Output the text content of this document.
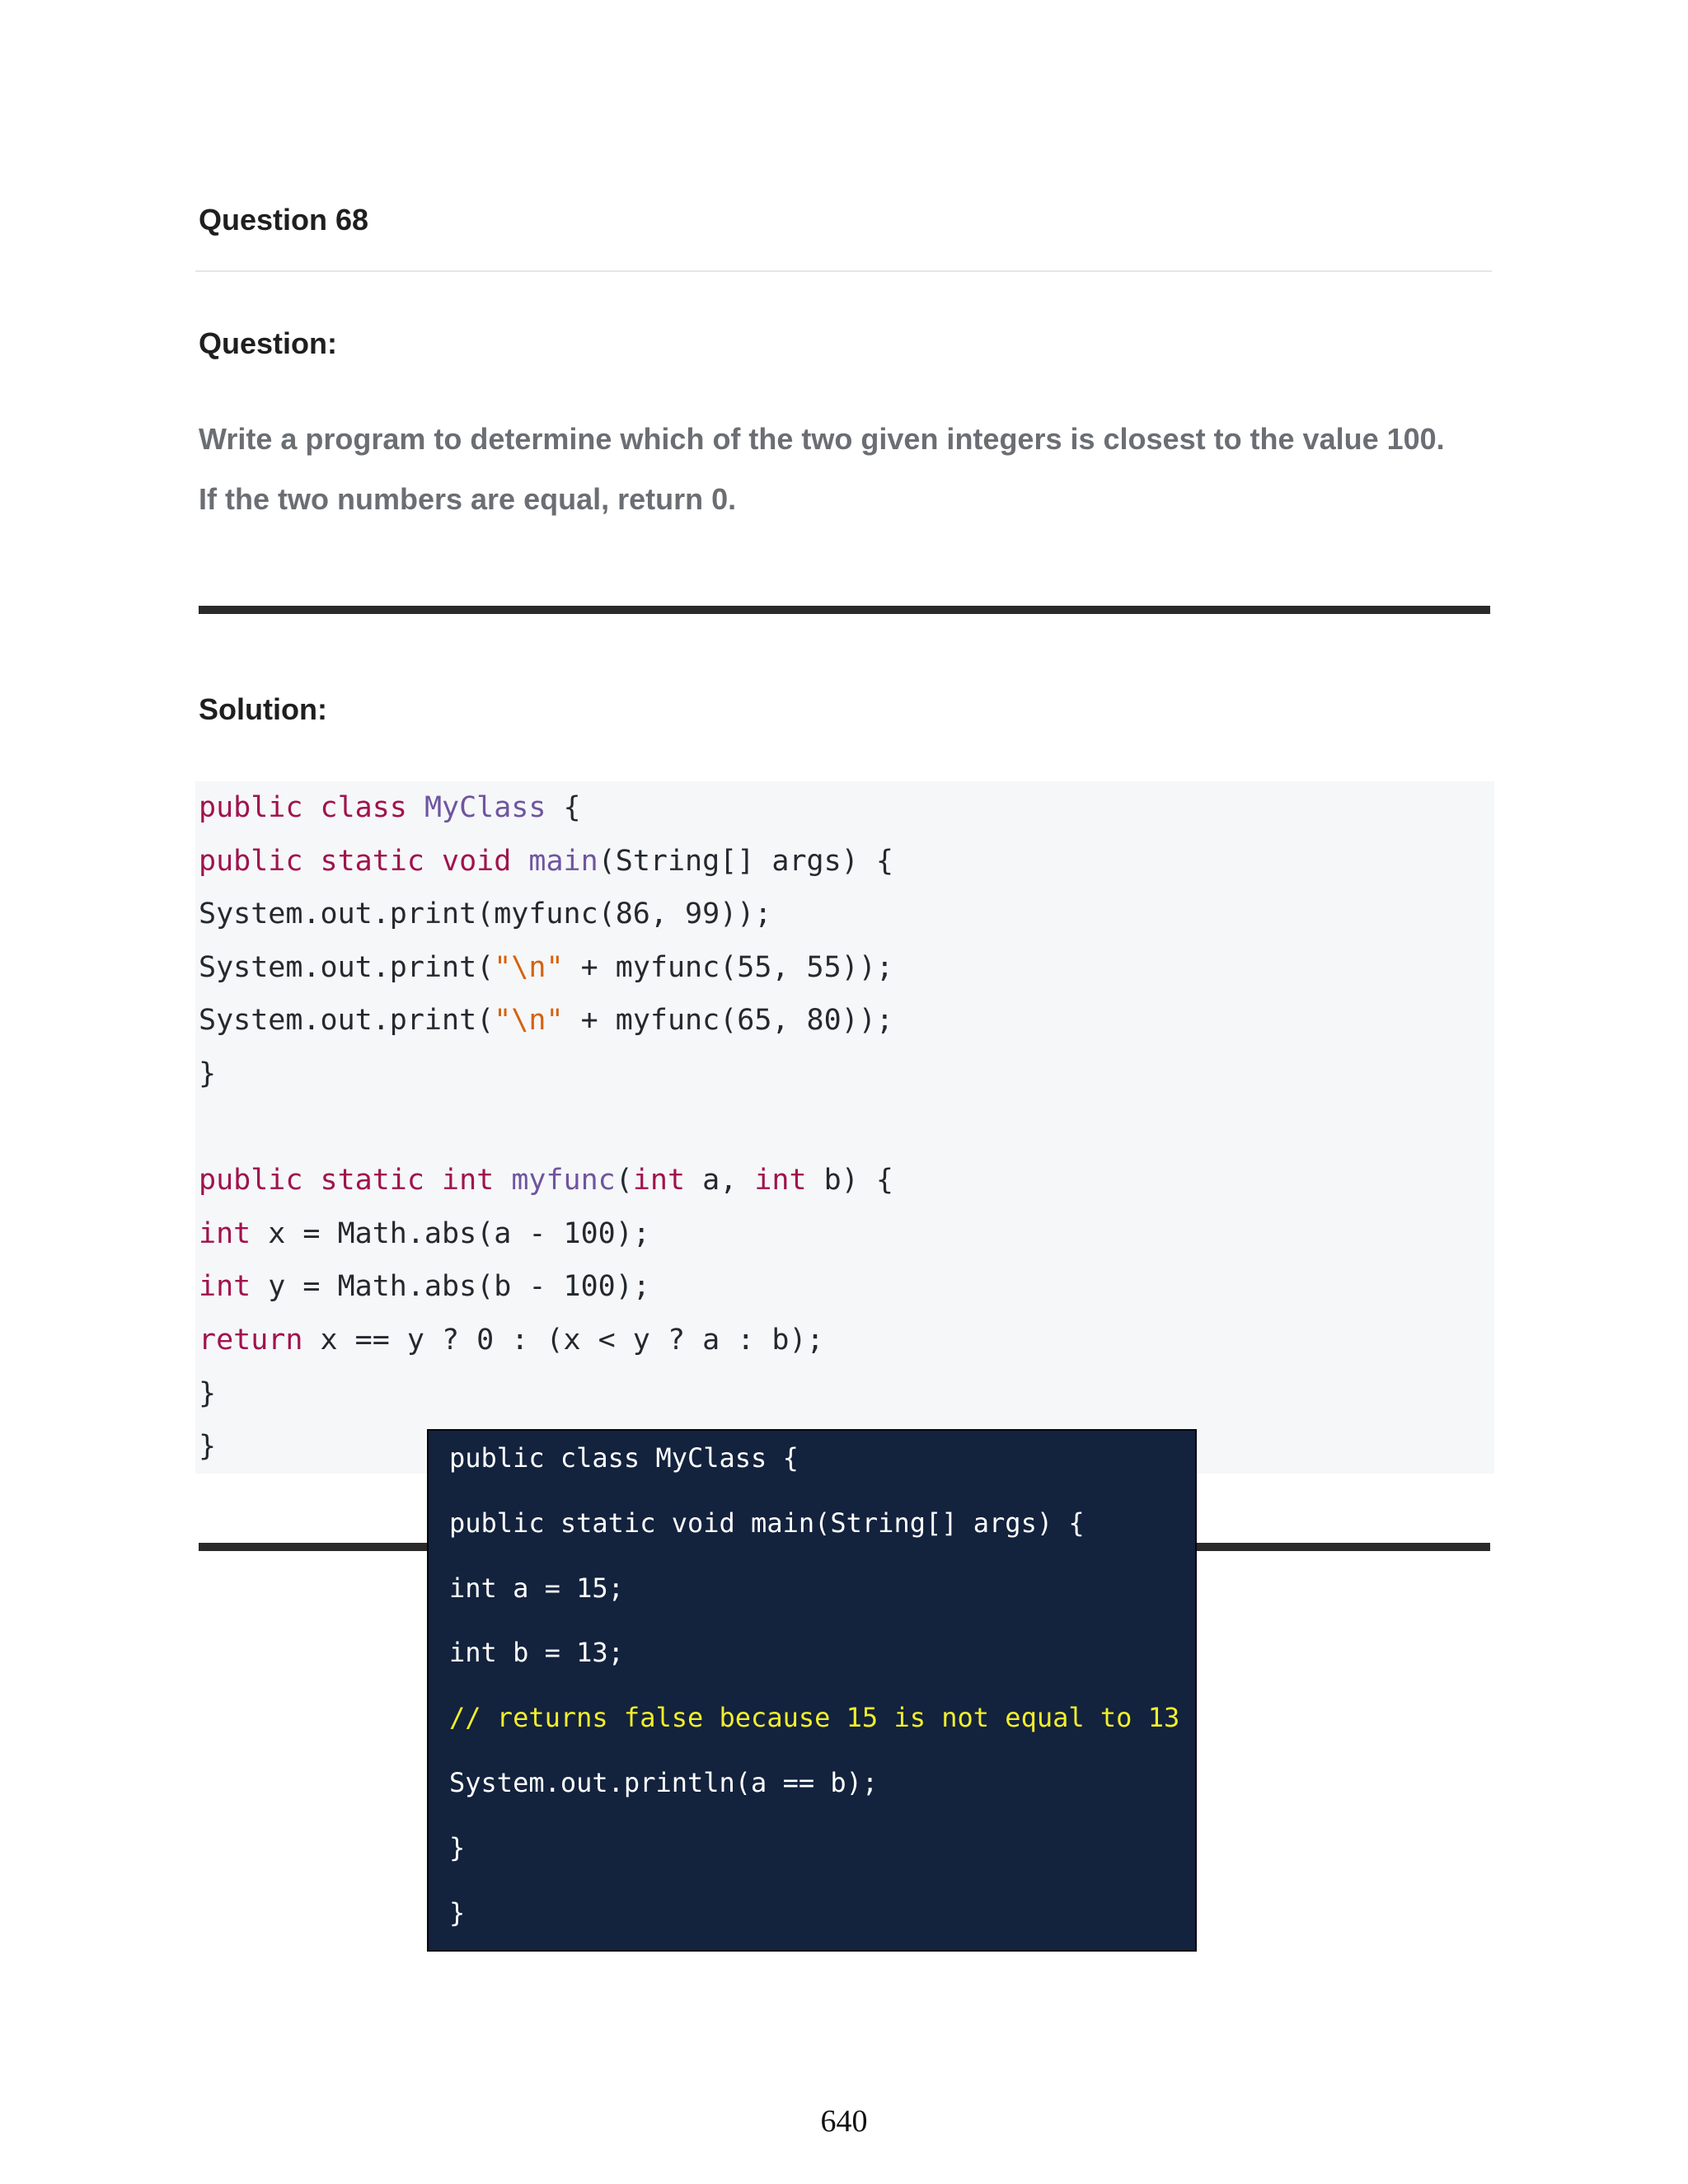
Question 68
Question:
Write a program to determine which of the two given integers is closest to the value 100.
If the two numbers are equal, return 0.
Solution:
public class MyClass {
public static void main(String[] args) {
System.out.print(myfunc(86, 99));
System.out.print("\n" + myfunc(55, 55));
System.out.print("\n" + myfunc(65, 80));
}
public static int myfunc(int a, int b) {
int x = Math.abs(a - 100);
int y = Math.abs(b - 100);
return x == y ? 0 : (x < y ? a : b);
}
}	public class MyClass {
public static void main(String[] args) {
int a = 15;
int b = 13;
// returns false because 15 is not equal to 13
System.out.println(a == b);
}
}
640
